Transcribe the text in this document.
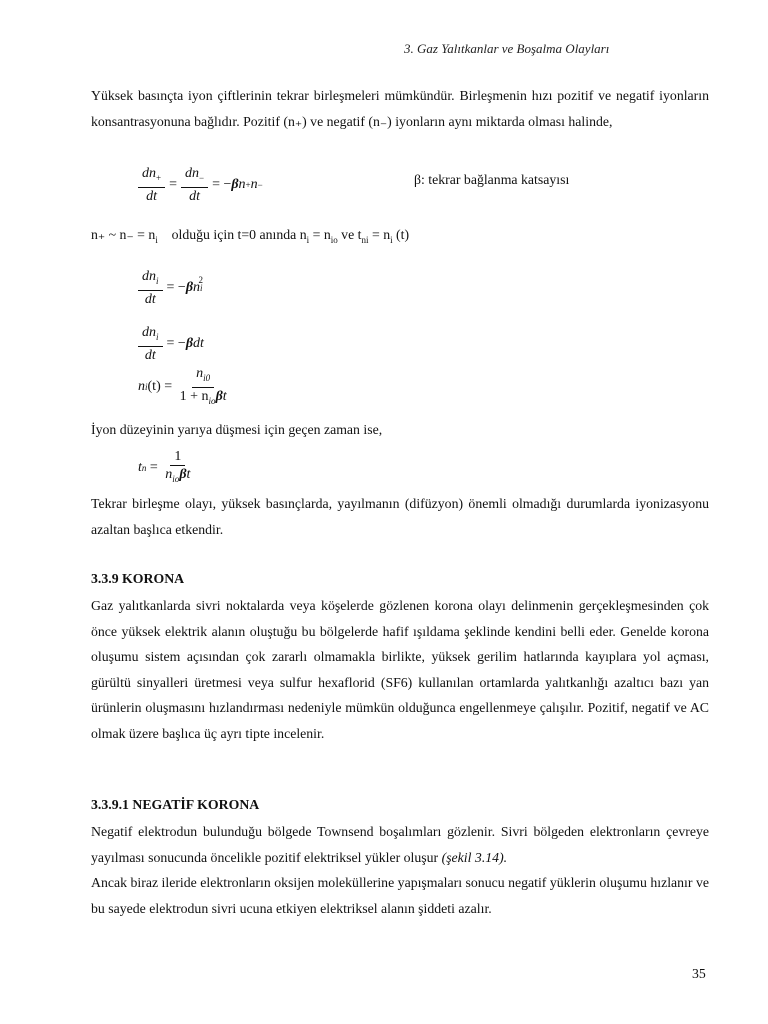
3. Gaz Yalıtkanlar ve Boşalma Olayları
Yüksek basınçta iyon çiftlerinin tekrar birleşmeleri mümkündür. Birleşmenin hızı pozitif ve negatif iyonların konsantrasyonuna bağlıdır. Pozitif (n₊) ve negatif (n₋) iyonların aynı miktarda olması halinde,
$\frac{dn_+}{dt} = \frac{dn_-}{dt}$ = − β n + n −	β: tekrar bağlanma katsayısı
n₊ ~ $n_- = n_i$ olduğu için t=0 anında $n_i = n_{io}$ ve $t_{ni} = n_i$ (t)
$\frac{dn_i}{dt}$ = − β n i
$^2$
$\frac{dn_i}{dt}$ = − β dt
n i $(t) = \frac{n_{i0}}{1 + n_{io}\beta t}$
İyon düzeyinin yarıya düşmesi için geçen zaman ise,
t $n = \frac{1}{n_{io}\beta t}$
Tekrar birleşme olayı, yüksek basınçlarda, yayılmanın (difüzyon) önemli olmadığı durumlarda iyonizasyonu azaltan başlıca etkendir.
3.3.9 KORONA
Gaz yalıtkanlarda sivri noktalarda veya köşelerde gözlenen korona olayı delinmenin gerçekleşmesinden çok önce yüksek elektrik alanın oluştuğu bu bölgelerde hafif ışıldama şeklinde kendini belli eder. Genelde korona oluşumu sistem açısından çok zararlı olmamakla birlikte, yüksek gerilim hatlarında kayıplara yol açması, gürültü sinyalleri üretmesi veya sulfur hexaflorid (SF6) kullanılan ortamlarda yalıtkanlığı azaltıcı bazı yan ürünlerin oluşmasını hızlandırması nedeniyle mümkün olduğunca engellenmeye çalışılır. Pozitif, negatif ve AC olmak üzere başlıca üç ayrı tipte incelenir.
3.3.9.1 NEGATİF KORONA
Negatif elektrodun bulunduğu bölgede Townsend boşalımları gözlenir. Sivri bölgeden elektronların çevreye yayılması sonucunda öncelikle pozitif elektriksel yükler oluşur (şekil 3.14).
Ancak biraz ileride elektronların oksijen moleküllerine yapışmaları sonucu negatif yüklerin oluşumu hızlanır ve bu sayede elektrodun sivri ucuna etkiyen elektriksel alanın şiddeti azalır.
35
